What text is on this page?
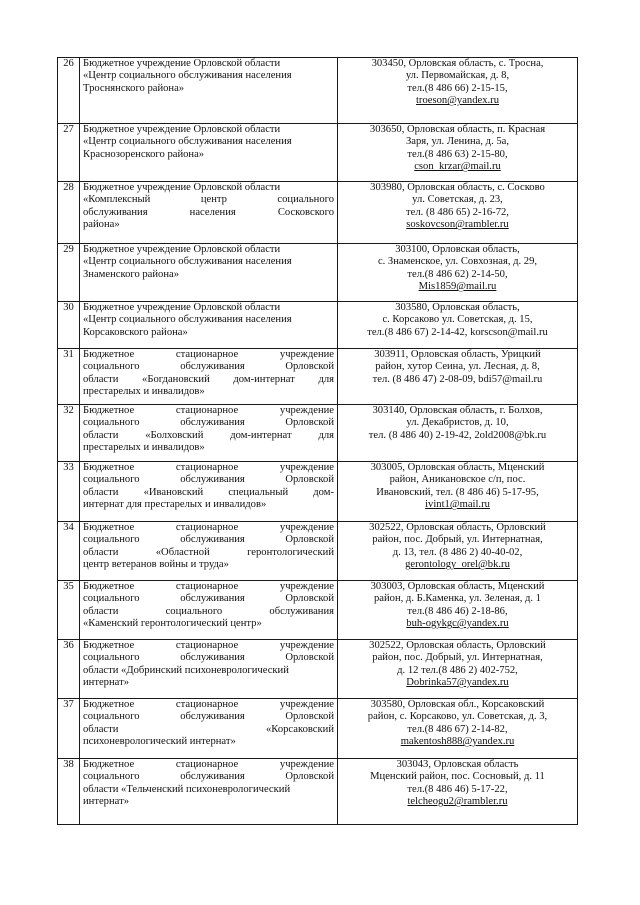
26	Бюджетное учреждение Орловской области
«Центр социального обслуживания населения
Троснянского района»	303450, Орловская область, с. Тросна,
ул. Первомайская, д. 8,
тел.(8 486 66) 2-15-15,
troeson@yandex.ru

27	Бюджетное учреждение Орловской области
«Центр социального обслуживания населения
Краснозоренского района»	303650, Орловская область, п. Красная
Заря, ул. Ленина, д. 5а,
тел.(8 486 63) 2-15-80,
cson_krzar@mail.ru

28	Бюджетное учреждение Орловской области
«Комплексный центр социального
обслуживания населения Сосковского
района»	303980, Орловская область, с. Сосково
ул. Советская, д. 23,
тел. (8 486 65) 2-16-72,
soskovcson@rambler.ru

29	Бюджетное учреждение Орловской области
«Центр социального обслуживания населения
Знаменского района»	303100, Орловская область,
с. Знаменское, ул. Совхозная, д. 29,
тел.(8 486 62) 2-14-50,
Mis1859@mail.ru

30	Бюджетное учреждение Орловской области
«Центр социального обслуживания населения
Корсаковского района»	303580, Орловская область,
с. Корсаково ул. Советская, д. 15,
тел.(8 486 67) 2-14-42, korscson@mail.ru

31	Бюджетное стационарное учреждение
социального обслуживания Орловской
области «Богдановский дом-интернат для
престарелых и инвалидов»	303911, Орловская область, Урицкий
район, хутор Сеина, ул. Лесная, д. 8,
тел. (8 486 47) 2-08-09, bdi57@mail.ru

32	Бюджетное стационарное учреждение
социального обслуживания Орловской
области «Болховский дом-интернат для
престарелых и инвалидов»	303140, Орловская область, г. Болхов,
ул. Декабристов, д. 10,
тел. (8 486 40) 2-19-42, 2old2008@bk.ru

33	Бюджетное стационарное учреждение
социального обслуживания Орловской
области «Ивановский специальный дом-
интернат для престарелых и инвалидов»	303005, Орловская область, Мценский
район, Аникановское с/п, пос.
Ивановский, тел. (8 486 46) 5-17-95,
ivint1@mail.ru

34	Бюджетное стационарное учреждение
социального обслуживания Орловской
области «Областной геронтологический
центр ветеранов войны и труда»	302522, Орловская область, Орловский
район, пос. Добрый, ул. Интернатная,
д. 13, тел. (8 486 2) 40-40-02,
gerontology_orel@bk.ru

35	Бюджетное стационарное учреждение
социального обслуживания Орловской
области социального обслуживания
«Каменский геронтологический центр»	303003, Орловская область, Мценский
район, д. Б.Каменка, ул. Зеленая, д. 1
тел.(8 486 46) 2-18-86,
buh-ogykgc@yandex.ru

36	Бюджетное стационарное учреждение
социального обслуживания Орловской
области «Добринский психоневрологический
интернат»	302522, Орловская область, Орловский
район, пос. Добрый, ул. Интернатная,
д. 12 тел.(8 486 2) 402-752,
Dobrinka57@yandex.ru

37	Бюджетное стационарное учреждение
социального обслуживания Орловской
области «Корсаковский
психоневрологический интернат»	303580, Орловская обл., Корсаковский
район, с. Корсаково, ул. Советская, д. 3,
тел.(8 486 67) 2-14-82,
makentosh888@yandex.ru

38	Бюджетное стационарное учреждение
социального обслуживания Орловской
области «Тельченский психоневрологический
интернат»	303043, Орловская область
Мценский район, пос. Сосновый, д. 11
тел.(8 486 46) 5-17-22,
telcheogu2@rambler.ru
